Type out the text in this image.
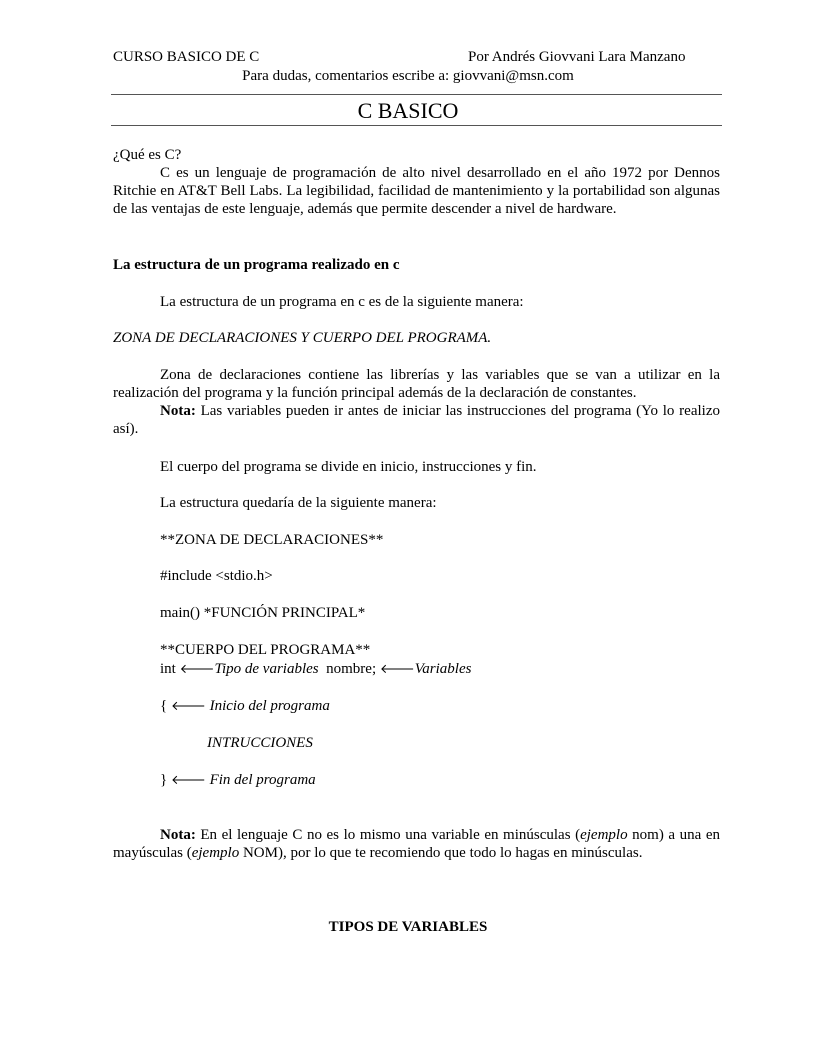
CURSO BASICO DE C	Por Andrés Giovvani Lara Manzano
Para dudas, comentarios escribe a: giovvani@msn.com
C BASICO
¿Qué es C?
C es un lenguaje de programación de alto nivel desarrollado en el año 1972 por Dennos Ritchie en AT&T Bell Labs. La legibilidad, facilidad de mantenimiento y la portabilidad son algunas de las ventajas de este lenguaje, además que permite descender a nivel de hardware.
La estructura de un programa realizado en c
La estructura de un programa en c es de la siguiente manera:
ZONA DE DECLARACIONES Y CUERPO DEL PROGRAMA.
Zona de declaraciones contiene las librerías y las variables que se van a utilizar en la realización del programa y la función principal además de la declaración de constantes.
Nota: Las variables pueden ir antes de iniciar las instrucciones del programa (Yo lo realizo así).
El cuerpo del programa se divide en inicio, instrucciones y fin.
La estructura quedaría de la siguiente manera:
**ZONA DE DECLARACIONES**
#include <stdio.h>
main() *FUNCIÓN PRINCIPAL*
**CUERPO DEL PROGRAMA**
int 🡐Tipo de variables  nombre; 🡐Variables
{ 🡐 Inicio del programa
INTRUCCIONES
} 🡐 Fin del programa
Nota: En el lenguaje C no es lo mismo una variable en minúsculas (ejemplo nom) a una en mayúsculas (ejemplo NOM), por lo que te recomiendo que todo lo hagas en minúsculas.
TIPOS DE VARIABLES
